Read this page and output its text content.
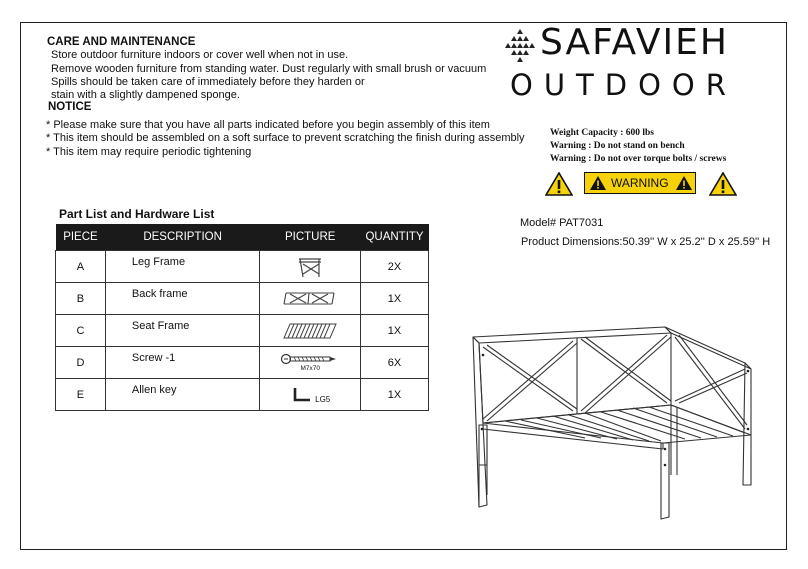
CARE AND MAINTENANCE
Store outdoor furniture indoors or cover well when not in use.
Remove wooden furniture from standing water. Dust regularly with small brush or vacuum
Spills should be taken care of immediately before they harden or
stain with a slightly dampened sponge.
NOTICE
* Please make sure that you have all parts indicated before you begin assembly of this item
* This item should be assembled on a soft surface to prevent scratching the finish during assembly
* This item may require periodic tightening
SAFAVIEH
OUTDOOR
Weight Capacity : 600 lbs
Warning : Do not stand on bench
Warning : Do not over torque bolts / screws
WARNING
Model# PAT7031
Product Dimensions:50.39'' W x 25.2'' D x 25.59'' H
Part List and Hardware List
PIECE	DESCRIPTION	PICTURE	QUANTITY
A	Leg Frame		2X
B	Back frame		1X
C	Seat Frame		1X
D	Screw -1	M7x70	6X
E	Allen key	LG5	1X
